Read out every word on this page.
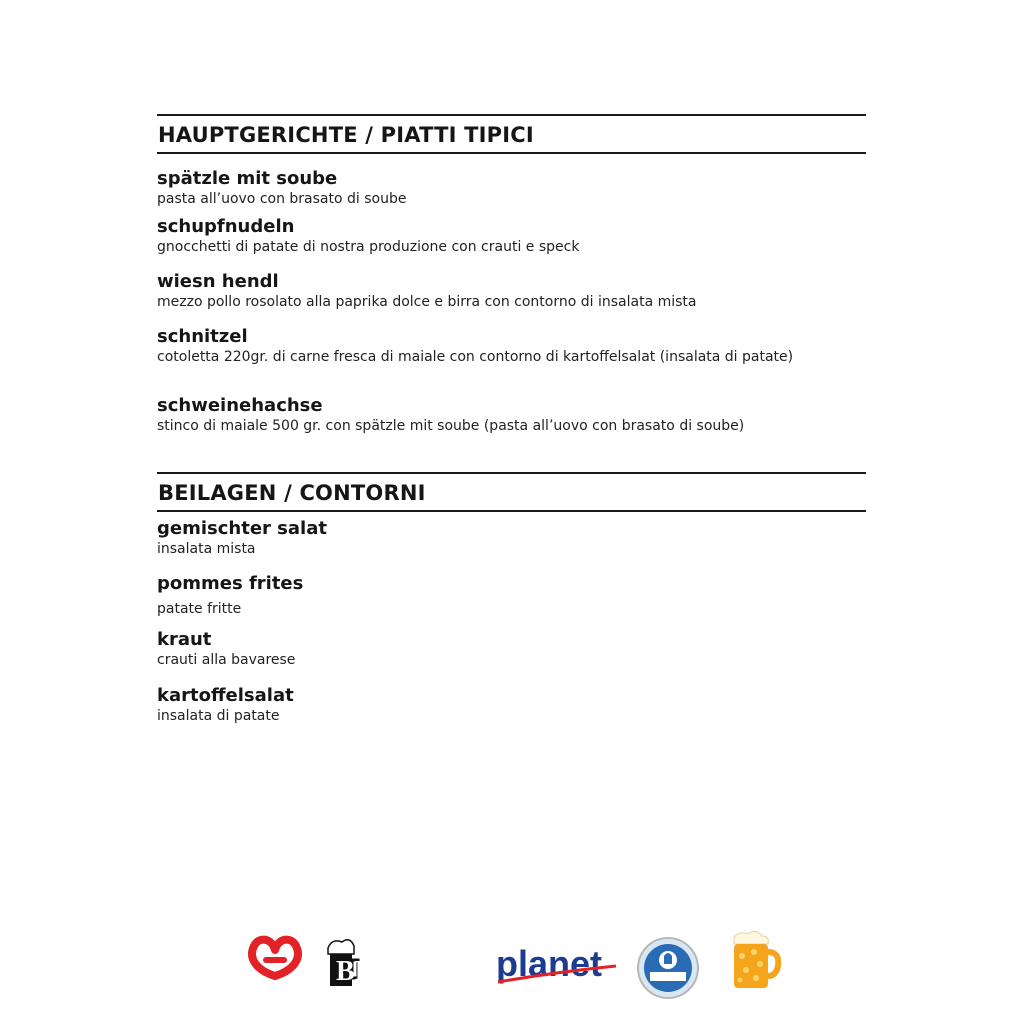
HAUPTGERICHTE / PIATTI TIPICI
spätzle mit soube
pasta all’uovo con brasato di soube
schupfnudeln
gnocchetti di patate di nostra produzione con crauti e speck
wiesn hendl
mezzo pollo rosolato alla paprika dolce e birra con contorno di insalata mista
schnitzel
cotoletta 220gr. di carne fresca di maiale con contorno di kartoffelsalat (insalata di patate)
schweinehachse
stinco di maiale 500 gr. con spätzle mit soube (pasta all’uovo con brasato di soube)
BEILAGEN / CONTORNI
gemischter salat
insalata mista
pommes frites
patate fritte
kraut
crauti alla bavarese
kartoffelsalat
insalata di patate
BEERMÀNIA
planet
